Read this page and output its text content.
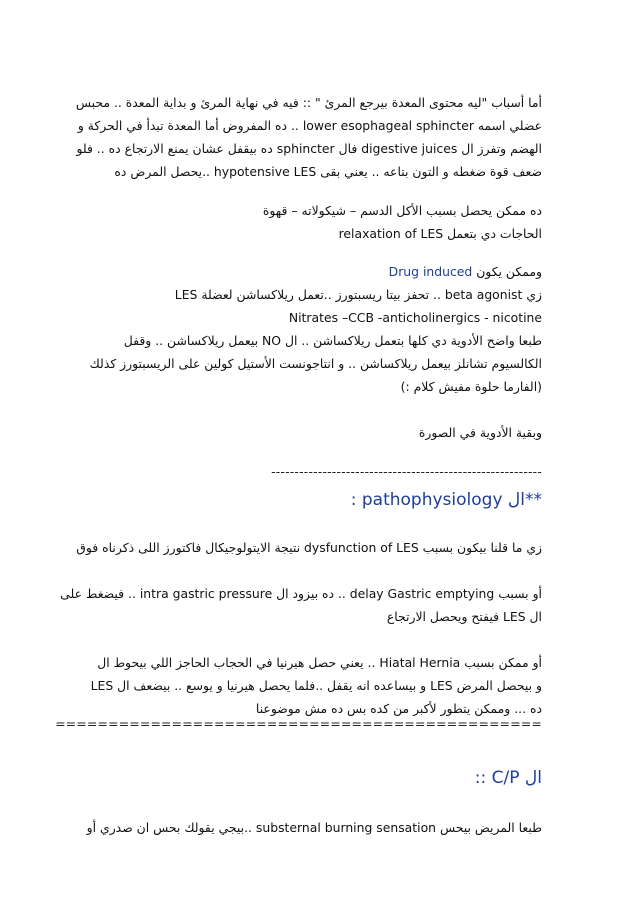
أما أسباب "ليه محتوى المعدة بيرجع المرئ " :: فيه في نهاية المرئ و بداية المعدة .. محبس
عضلي اسمه lower esophageal sphincter .. ده المفروض أما المعدة تبدأ في الحركة و
الهضم وتفرز ال digestive juices فال sphincter ده بيقفل عشان يمنع الارتجاع ده .. فلو
ضعف قوة ضغطه و التون بتاعه .. يعني بقى hypotensive LES ..يحصل المرض ده
ده ممكن يحصل بسبب الأكل الدسم – شيكولاته – قهوة
الحاجات دي بتعمل relaxation of LES
وممكن يكون Drug induced
زي beta agonist .. تحفز بيتا ريسبتورز ..تعمل ريلاكساشن لعضلة LES
Nitrates –CCB -anticholinergics - nicotine
طبعا واضح الأدوية دي كلها بتعمل ريلاكساشن .. ال NO بيعمل ريلاكساشن .. وقفل
الكالسيوم تشانلز بيعمل ريلاكساشن .. و انتاجونست الأستيل كولين على الريسبتورز كذلك
(الفارما حلوة مفيش كلام :)
وبقية الأدوية في الصورة
----------------------------------------------------------
**ال pathophysiology :
زي ما قلنا بيكون بسبب dysfunction of LES نتيجة الايتولوجيكال فاكتورز اللى ذكرناه فوق
أو بسبب delay Gastric emptying .. ده بيزود ال intra gastric pressure .. فيضغط على
ال LES فيفتح ويحصل الارتجاع
أو ممكن بسبب Hiatal Hernia .. يعني حصل هيرنيا في الحجاب الحاجز اللي بيحوط ال
LES و بيساعده انه يقفل ..فلما يحصل هيرنيا و يوسع .. بيضعف ال LES و بيحصل المرض
ده ... وممكن يتطور لأكبر من كده بس ده مش موضوعنا
==============================================
ال C/P ::
طبعا المريض بيحس substernal burning sensation ..بيجي يقولك بحس ان صدري أو
